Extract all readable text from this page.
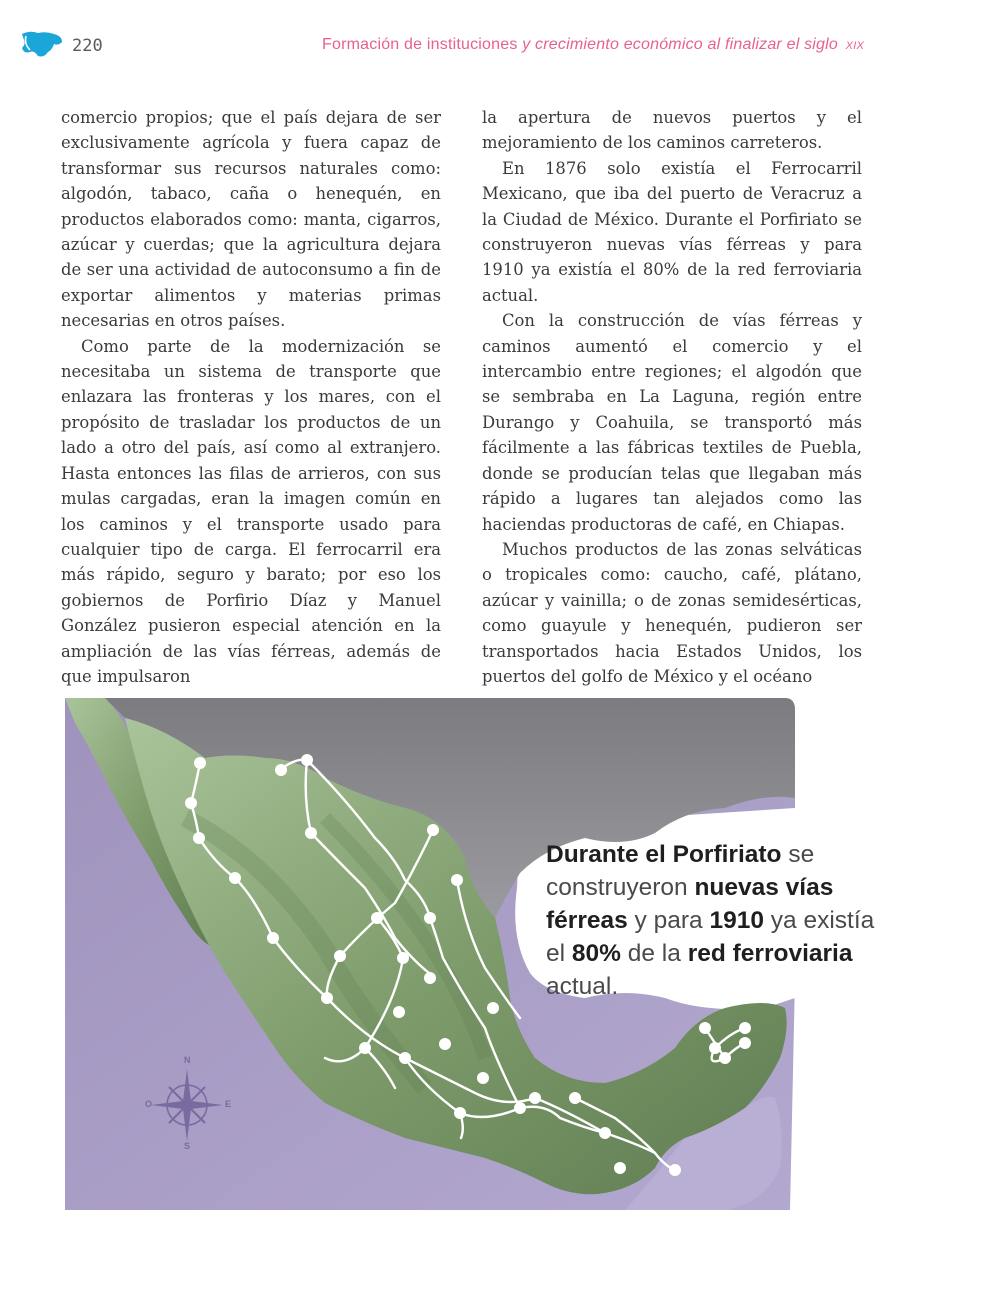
220	Formación de instituciones y crecimiento económico al finalizar el siglo XIX

comercio propios; que el país dejara de ser exclusivamente agrícola y fuera capaz de transformar sus recursos naturales como: algodón, tabaco, caña o henequén, en productos elaborados como: manta, cigarros, azúcar y cuerdas; que la agricultura dejara de ser una actividad de autoconsumo a fin de exportar alimentos y materias primas necesarias en otros países.

Como parte de la modernización se necesitaba un sistema de transporte que enlazara las fronteras y los mares, con el propósito de trasladar los productos de un lado a otro del país, así como al extranjero. Hasta entonces las filas de arrieros, con sus mulas cargadas, eran la imagen común en los caminos y el transporte usado para cualquier tipo de carga. El ferrocarril era más rápido, seguro y barato; por eso los gobiernos de Porfirio Díaz y Manuel González pusieron especial atención en la ampliación de las vías férreas, además de que impulsaron

la apertura de nuevos puertos y el mejoramiento de los caminos carreteros.

En 1876 solo existía el Ferrocarril Mexicano, que iba del puerto de Veracruz a la Ciudad de México. Durante el Porfiriato se construyeron nuevas vías férreas y para 1910 ya existía el 80% de la red ferroviaria actual.

Con la construcción de vías férreas y caminos aumentó el comercio y el intercambio entre regiones; el algodón que se sembraba en La Laguna, región entre Durango y Coahuila, se transportó más fácilmente a las fábricas textiles de Puebla, donde se producían telas que llegaban más rápido a lugares tan alejados como las haciendas productoras de café, en Chiapas.

Muchos productos de las zonas selváticas o tropicales como: caucho, café, plátano, azúcar y vainilla; o de zonas semidesérticas, como guayule y henequén, pudieron ser transportados hacia Estados Unidos, los puertos del golfo de México y el océano

Durante el Porfiriato se construyeron nuevas vías férreas y para 1910 ya existía el 80% de la red ferroviaria actual.
N
S
E
O
